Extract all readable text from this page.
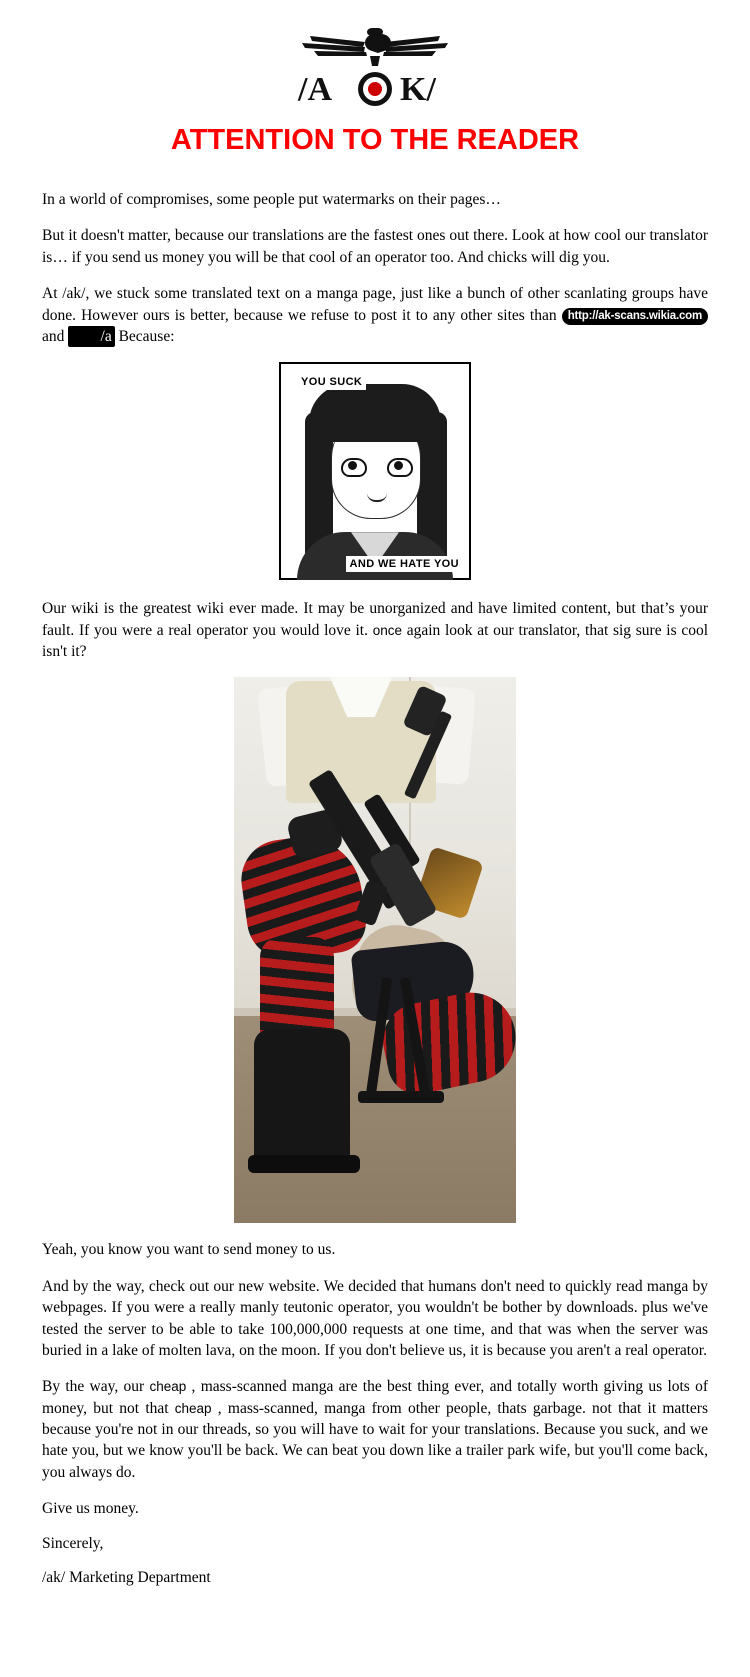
/A K/
ATTENTION TO THE READER

In a world of compromises, some people put watermarks on their pages…

But it doesn't matter, because our translations are the fastest ones out there. Look at how cool our translator is… if you send us money you will be that cool of an operator too. And chicks will dig you.

At /ak/, we stuck some translated text on a manga page, just like a bunch of other scanlating groups have done. However ours is better, because we refuse to post it to any other sites than http://ak-scans.wikia.com and /a Because:

YOU SUCK
AND WE HATE YOU

Our wiki is the greatest wiki ever made. It may be unorganized and have limited content, but that’s your fault. If you were a real operator you would love it. once again look at our translator, that sig sure is cool isn't it?

Yeah, you know you want to send money to us.

And by the way, check out our new website. We decided that humans don't need to quickly read manga by webpages. If you were a really manly teutonic operator, you wouldn't be bother by downloads. plus we've tested the server to be able to take 100,000,000 requests at one time, and that was when the server was buried in a lake of molten lava, on the moon. If you don't believe us, it is because you aren't a real operator.

By the way, our cheap , mass-scanned manga are the best thing ever, and totally worth giving us lots of money, but not that cheap , mass-scanned, manga from other people, thats garbage. not that it matters because you're not in our threads, so you will have to wait for your translations. Because you suck, and we hate you, but we know you'll be back. We can beat you down like a trailer park wife, but you'll come back, you always do.

Give us money.

Sincerely,

/ak/ Marketing Department
